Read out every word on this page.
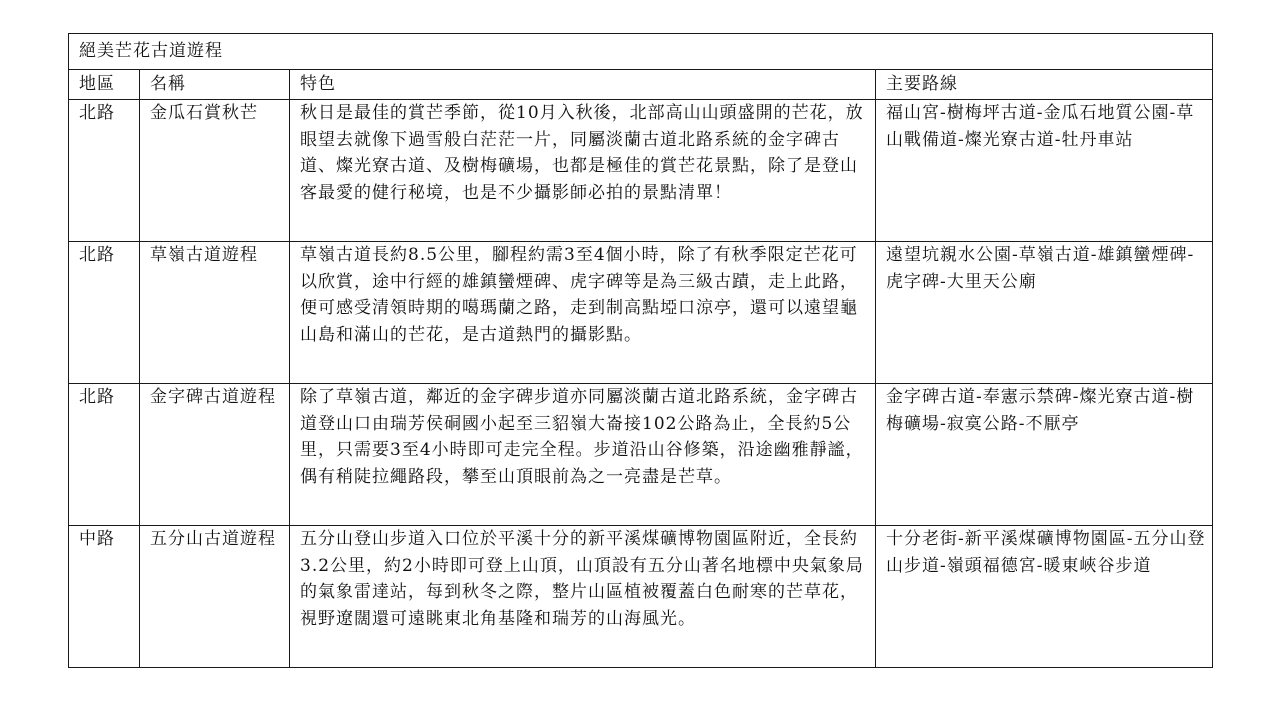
絕美芒花古道遊程			
地區	名稱	特色	主要路線
北路	金瓜石賞秋芒	秋日是最佳的賞芒季節，從10月入秋後，北部高山山頭盛開的芒花，放眼望去就像下過雪般白茫茫一片，同屬淡蘭古道北路系統的金字碑古道、燦光寮古道、及樹梅礦場，也都是極佳的賞芒花景點，除了是登山客最愛的健行秘境，也是不少攝影師必拍的景點清單！	福山宮-樹梅坪古道-金瓜石地質公園-草山戰備道-燦光寮古道-牡丹車站
北路	草嶺古道遊程	草嶺古道長約8.5公里，腳程約需3至4個小時，除了有秋季限定芒花可以欣賞，途中行經的雄鎮蠻煙碑、虎字碑等是為三級古蹟，走上此路，便可感受清領時期的噶瑪蘭之路，走到制高點埡口涼亭，還可以遠望龜山島和滿山的芒花，是古道熱門的攝影點。	遠望坑親水公園-草嶺古道-雄鎮蠻煙碑-虎字碑-大里天公廟
北路	金字碑古道遊程	除了草嶺古道，鄰近的金字碑步道亦同屬淡蘭古道北路系統，金字碑古道登山口由瑞芳侯硐國小起至三貂嶺大崙接102公路為止，全長約5公里，只需要3至4小時即可走完全程。步道沿山谷修築，沿途幽雅靜謐，偶有稍陡拉繩路段，攀至山頂眼前為之一亮盡是芒草。	金字碑古道-奉憲示禁碑-燦光寮古道-樹梅礦場-寂寞公路-不厭亭
中路	五分山古道遊程	五分山登山步道入口位於平溪十分的新平溪煤礦博物園區附近，全長約3.2公里，約2小時即可登上山頂，山頂設有五分山著名地標中央氣象局的氣象雷達站，每到秋冬之際，整片山區植被覆蓋白色耐寒的芒草花，視野遼闊還可遠眺東北角基隆和瑞芳的山海風光。	十分老街-新平溪煤礦博物園區-五分山登山步道-嶺頭福德宮-暖東峽谷步道
